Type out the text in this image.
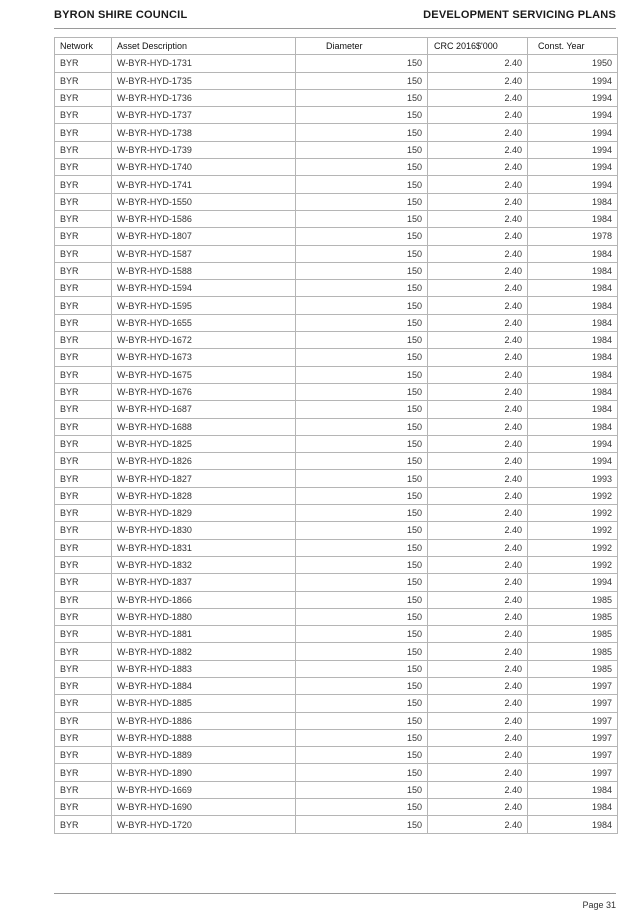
BYRON SHIRE COUNCIL	DEVELOPMENT SERVICING PLANS
Network	Asset Description	Diameter	CRC 2016$'000	Const. Year
BYR	W-BYR-HYD-1731	150	2.40	1950
BYR	W-BYR-HYD-1735	150	2.40	1994
BYR	W-BYR-HYD-1736	150	2.40	1994
BYR	W-BYR-HYD-1737	150	2.40	1994
BYR	W-BYR-HYD-1738	150	2.40	1994
BYR	W-BYR-HYD-1739	150	2.40	1994
BYR	W-BYR-HYD-1740	150	2.40	1994
BYR	W-BYR-HYD-1741	150	2.40	1994
BYR	W-BYR-HYD-1550	150	2.40	1984
BYR	W-BYR-HYD-1586	150	2.40	1984
BYR	W-BYR-HYD-1807	150	2.40	1978
BYR	W-BYR-HYD-1587	150	2.40	1984
BYR	W-BYR-HYD-1588	150	2.40	1984
BYR	W-BYR-HYD-1594	150	2.40	1984
BYR	W-BYR-HYD-1595	150	2.40	1984
BYR	W-BYR-HYD-1655	150	2.40	1984
BYR	W-BYR-HYD-1672	150	2.40	1984
BYR	W-BYR-HYD-1673	150	2.40	1984
BYR	W-BYR-HYD-1675	150	2.40	1984
BYR	W-BYR-HYD-1676	150	2.40	1984
BYR	W-BYR-HYD-1687	150	2.40	1984
BYR	W-BYR-HYD-1688	150	2.40	1984
BYR	W-BYR-HYD-1825	150	2.40	1994
BYR	W-BYR-HYD-1826	150	2.40	1994
BYR	W-BYR-HYD-1827	150	2.40	1993
BYR	W-BYR-HYD-1828	150	2.40	1992
BYR	W-BYR-HYD-1829	150	2.40	1992
BYR	W-BYR-HYD-1830	150	2.40	1992
BYR	W-BYR-HYD-1831	150	2.40	1992
BYR	W-BYR-HYD-1832	150	2.40	1992
BYR	W-BYR-HYD-1837	150	2.40	1994
BYR	W-BYR-HYD-1866	150	2.40	1985
BYR	W-BYR-HYD-1880	150	2.40	1985
BYR	W-BYR-HYD-1881	150	2.40	1985
BYR	W-BYR-HYD-1882	150	2.40	1985
BYR	W-BYR-HYD-1883	150	2.40	1985
BYR	W-BYR-HYD-1884	150	2.40	1997
BYR	W-BYR-HYD-1885	150	2.40	1997
BYR	W-BYR-HYD-1886	150	2.40	1997
BYR	W-BYR-HYD-1888	150	2.40	1997
BYR	W-BYR-HYD-1889	150	2.40	1997
BYR	W-BYR-HYD-1890	150	2.40	1997
BYR	W-BYR-HYD-1669	150	2.40	1984
BYR	W-BYR-HYD-1690	150	2.40	1984
BYR	W-BYR-HYD-1720	150	2.40	1984
Page 31
